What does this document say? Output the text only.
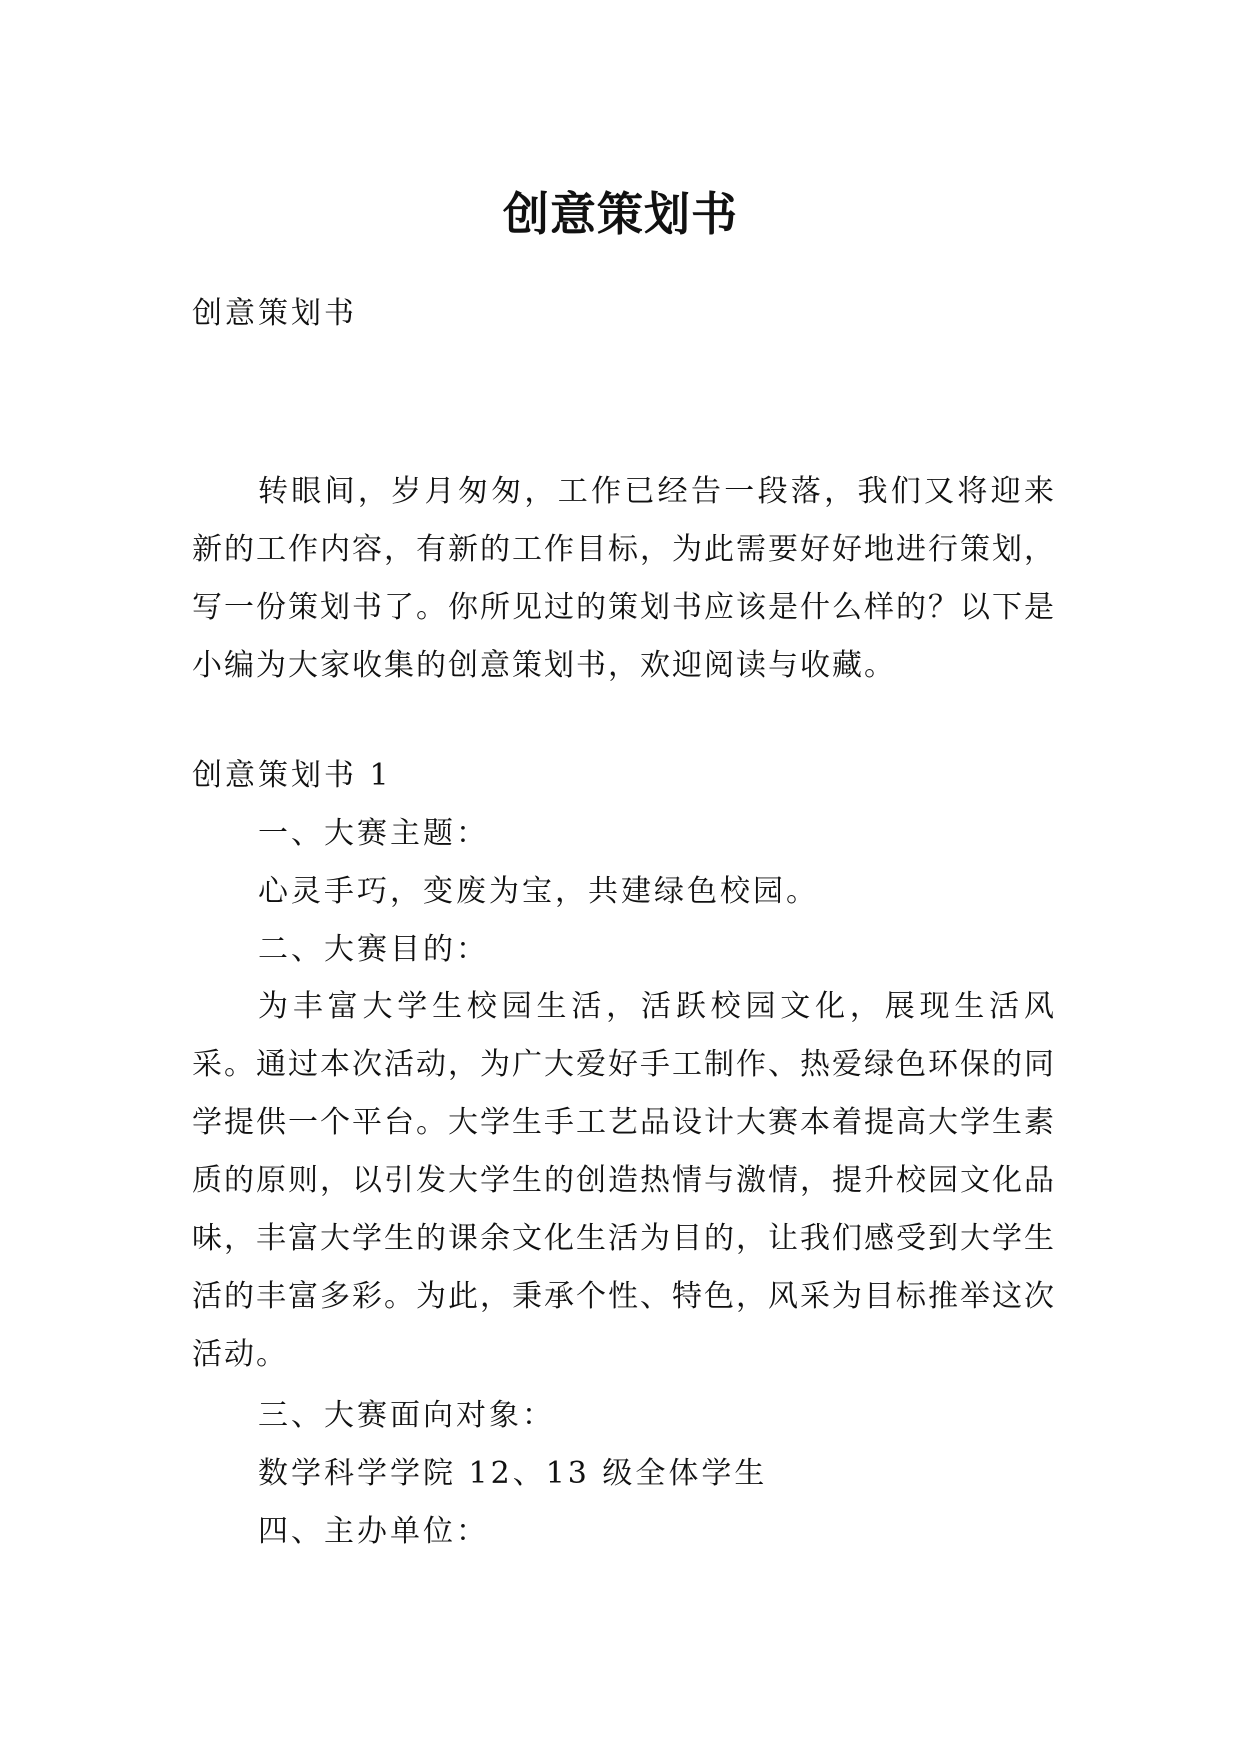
创意策划书

创意策划书

转眼间，岁月匆匆，工作已经告一段落，我们又将迎来新的工作内容，有新的工作目标，为此需要好好地进行策划，写一份策划书了。你所见过的策划书应该是什么样的？以下是小编为大家收集的创意策划书，欢迎阅读与收藏。

创意策划书 1

一、大赛主题：

心灵手巧，变废为宝，共建绿色校园。

二、大赛目的：

为丰富大学生校园生活，活跃校园文化，展现生活风采。通过本次活动，为广大爱好手工制作、热爱绿色环保的同学提供一个平台。大学生手工艺品设计大赛本着提高大学生素质的原则，以引发大学生的创造热情与激情，提升校园文化品味，丰富大学生的课余文化生活为目的，让我们感受到大学生活的丰富多彩。为此，秉承个性、特色，风采为目标推举这次活动。

三、大赛面向对象：

数学科学学院 12、13 级全体学生

四、主办单位：
